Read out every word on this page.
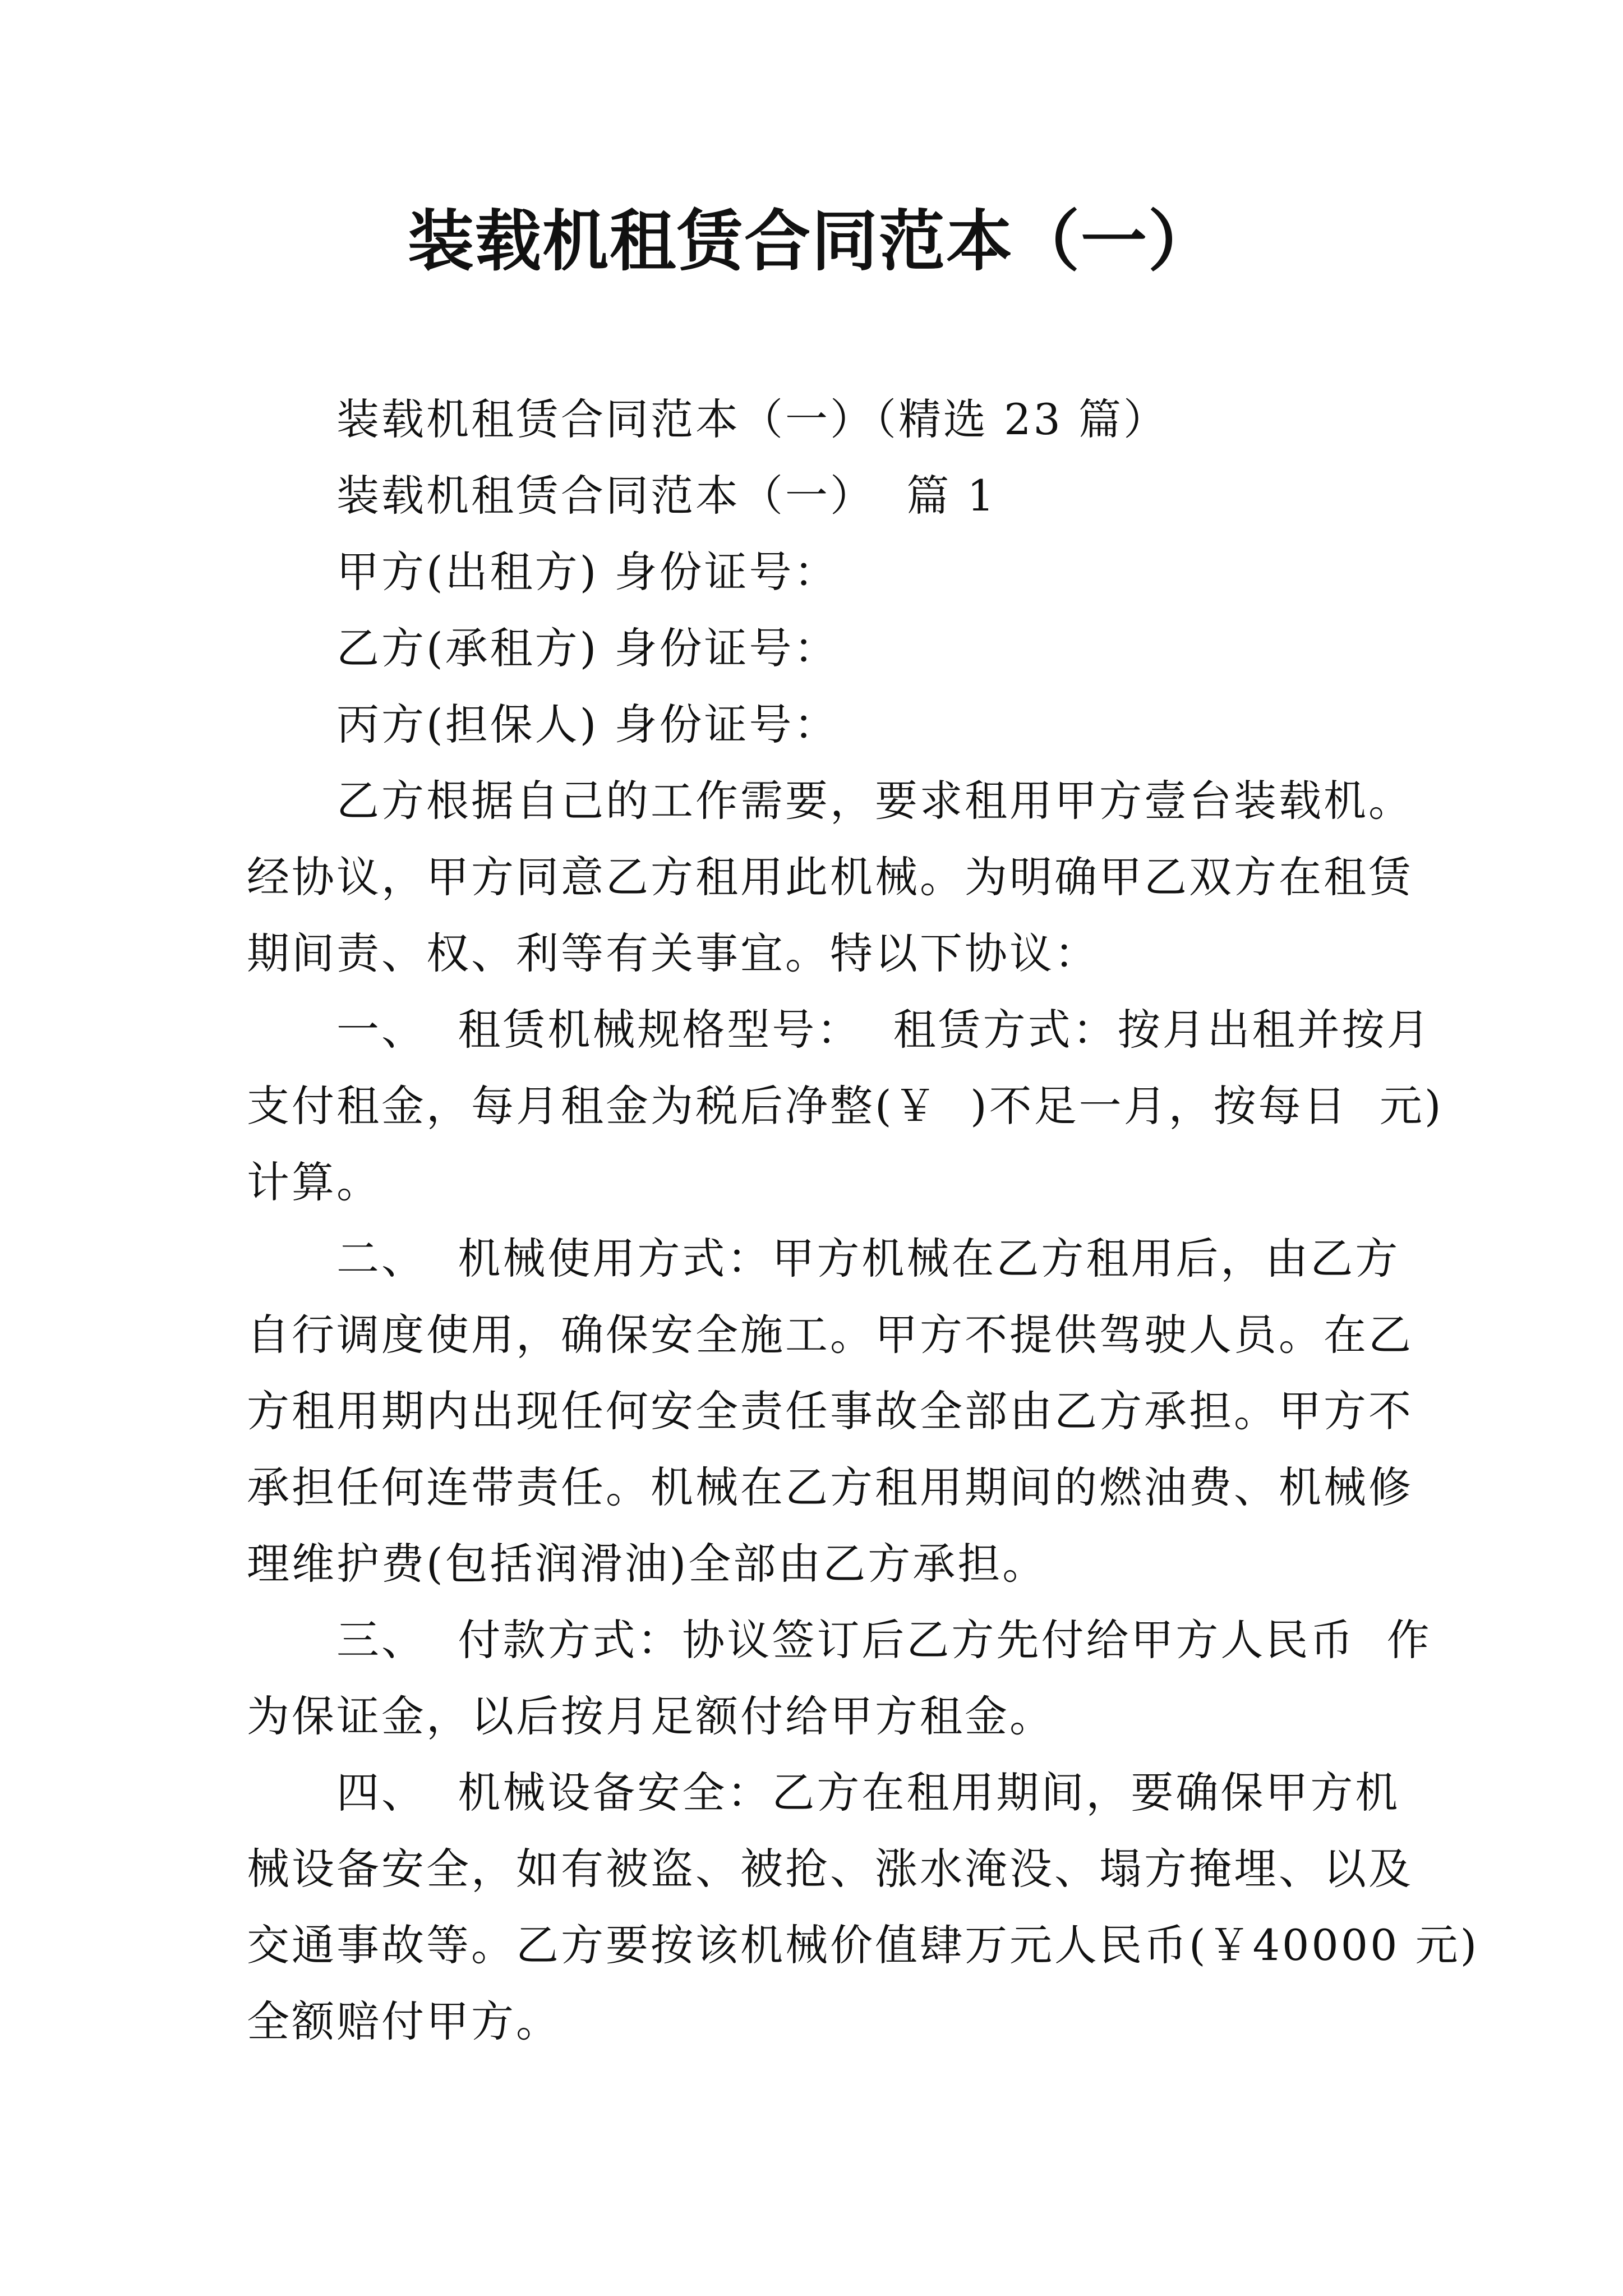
装载机租赁合同范本（一）

装载机租赁合同范本（一）（精选 23 篇）

装载机租赁合同范本（一）  篇 1

甲方(出租方) 身份证号：

乙方(承租方) 身份证号：

丙方(担保人) 身份证号：

乙方根据自己的工作需要，要求租用甲方壹台装载机。

经协议，甲方同意乙方租用此机械。为明确甲乙双方在租赁

期间责、权、利等有关事宜。特以下协议：

一、  租赁机械规格型号：  租赁方式：按月出租并按月

支付租金，每月租金为税后净整(￥  )不足一月，按每日  元)

计算。

二、  机械使用方式：甲方机械在乙方租用后，由乙方

自行调度使用，确保安全施工。甲方不提供驾驶人员。在乙

方租用期内出现任何安全责任事故全部由乙方承担。甲方不

承担任何连带责任。机械在乙方租用期间的燃油费、机械修

理维护费(包括润滑油)全部由乙方承担。

三、  付款方式：协议签订后乙方先付给甲方人民币  作

为保证金，以后按月足额付给甲方租金。

四、  机械设备安全：乙方在租用期间，要确保甲方机

械设备安全，如有被盗、被抢、涨水淹没、塌方掩埋、以及

交通事故等。乙方要按该机械价值肆万元人民币(￥40000 元)

全额赔付甲方。
